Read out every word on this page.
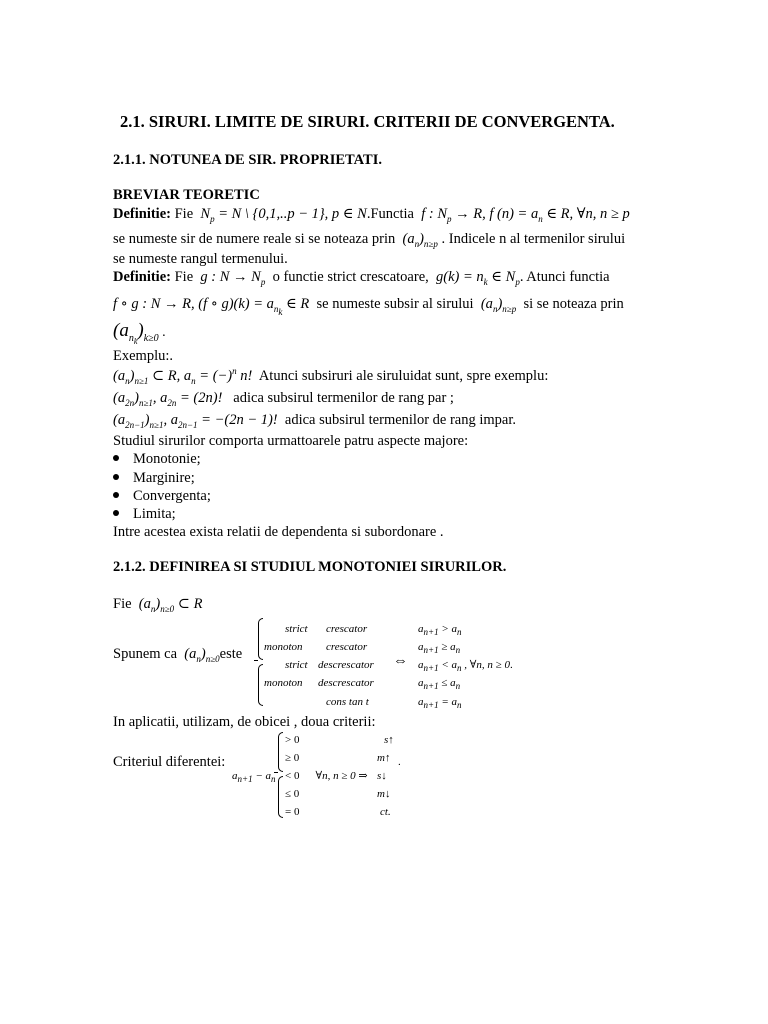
2.1. SIRURI. LIMITE DE SIRURI. CRITERII DE CONVERGENTA.
2.1.1. NOTUNEA DE SIR. PROPRIETATI.
BREVIAR TEORETIC
Definitie: Fie  $N_p = N$ \ {0,1,..p − 1}, p ∈ N.Functia  f : $N_p \to R$, f $(n) = a_n$ ∈ R, ∀n, n ≥ p
se numeste sir de numere reale si se noteaza prin  $(a_n)_{n\ge p}$ . Indicele n al termenilor sirului
se numeste rangul termenului.
Definitie: Fie  g : $N \to N_p$ o functie strict crescatoare,  $g(k) = n_k$ ∈ $N_p$. Atunci functia
f ∘ g : N → R, (f ∘ $g)(k) = a_{n_k}$ ∈ R  se numeste subsir al sirului  $(a_n)_{n\ge p}$ si se noteaza prin
$(a_{n_k})_{k\ge 0}$ .
Exemplu:.
$(a_n)_{n\ge 1}$ ⊂ R, $a_n = (-)^n$ n!  Atunci subsiruri ale siruluidat sunt, spre exemplu:
$(a_{2n})_{n\ge 1}$, $a_{2n} = (2n)$!   adica subsirul termenilor de rang par ;
$(a_{2n-1})_{n\ge 1}$, $a_{2n-1} = -(2n - 1)$!  adica subsirul termenilor de rang impar.
Studiul sirurilor comporta urmattoarele patru aspecte majore:
Monotonie;
Marginire;
Convergenta;
Limita;
Intre acestea exista relatii de dependenta si subordonare .
2.1.2. DEFINIREA SI STUDIUL MONOTONIEI SIRURILOR.
Fie  $(a_n)_{n\ge 0}$ ⊂ R
Spunem ca  $(a_n)_{n\ge 0}este$
strict crescator	$a_{n+1} > a_n$
monoton crescator	$a_{n+1} \ge a_n$
strict descrescator ⇔ $a_{n+1} < a_n$ , ∀n, n ≥ 0.
monoton descrescator	$a_{n+1} \le a_n$
cons tan t	$a_{n+1} = a_n$
In aplicatii, utilizam, de obicei , doua criterii:
Criteriul diferentei:
$a_{n+1} - a_n$
> 0	s↑
≥ 0	m↑ .
< 0 ∀n, n ≥ 0 ⇒ s↓
≤ 0	m↓
= 0	ct.
